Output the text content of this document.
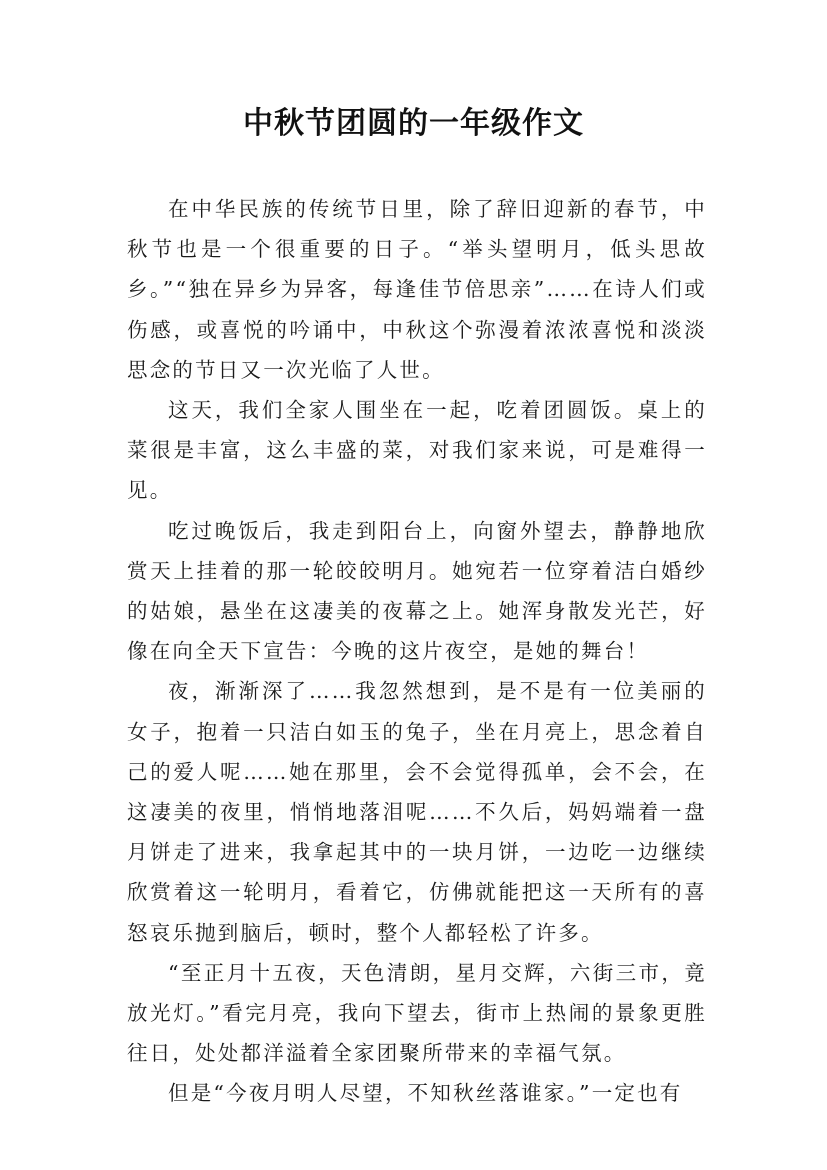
中秋节团圆的一年级作文

在中华民族的传统节日里，除了辞旧迎新的春节，中秋节也是一个很重要的日子。“举头望明月，低头思故乡。”“独在异乡为异客，每逢佳节倍思亲”……在诗人们或伤感，或喜悦的吟诵中，中秋这个弥漫着浓浓喜悦和淡淡思念的节日又一次光临了人世。

这天，我们全家人围坐在一起，吃着团圆饭。桌上的菜很是丰富，这么丰盛的菜，对我们家来说，可是难得一见。

吃过晚饭后，我走到阳台上，向窗外望去，静静地欣赏天上挂着的那一轮皎皎明月。她宛若一位穿着洁白婚纱的姑娘，悬坐在这凄美的夜幕之上。她浑身散发光芒，好像在向全天下宣告：今晚的这片夜空，是她的舞台！

夜，渐渐深了……我忽然想到，是不是有一位美丽的女子，抱着一只洁白如玉的兔子，坐在月亮上，思念着自己的爱人呢……她在那里，会不会觉得孤单，会不会，在这凄美的夜里，悄悄地落泪呢……不久后，妈妈端着一盘月饼走了进来，我拿起其中的一块月饼，一边吃一边继续欣赏着这一轮明月，看着它，仿佛就能把这一天所有的喜怒哀乐抛到脑后，顿时，整个人都轻松了许多。

“至正月十五夜，天色清朗，星月交辉，六街三市，竟放光灯。”看完月亮，我向下望去，街市上热闹的景象更胜往日，处处都洋溢着全家团聚所带来的幸福气氛。

但是“今夜月明人尽望，不知秋丝落谁家。”一定也有
